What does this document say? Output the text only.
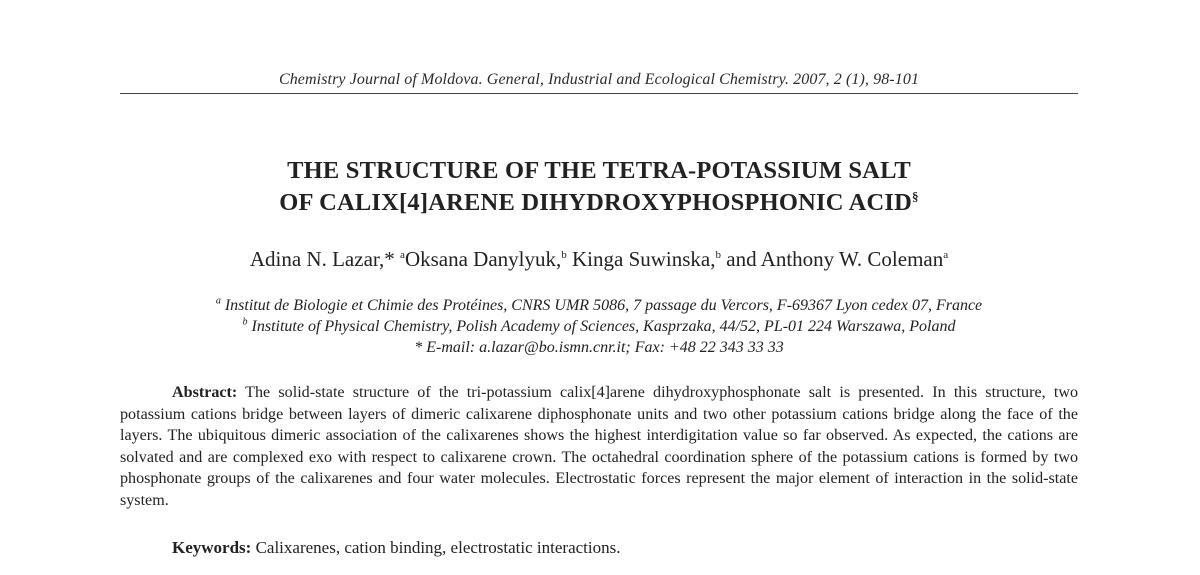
Chemistry Journal of Moldova. General, Industrial and Ecological Chemistry. 2007, 2 (1), 98-101
THE STRUCTURE OF THE TETRA-POTASSIUM SALT
OF CALIX[4]ARENE DIHYDROXYPHOSPHONIC ACID§
Adina N. Lazar,* $^a$Oksana Danylyuk,$^b$ Kinga Suwinska,$^b$ and Anthony W. Coleman$^a$
$^a$ Institut de Biologie et Chimie des Protéines, CNRS UMR 5086, 7 passage du Vercors, F-69367 Lyon cedex 07, France
$^b$ Institute of Physical Chemistry, Polish Academy of Sciences, Kasprzaka, 44/52, PL-01 224 Warszawa, Poland
* E-mail: a.lazar@bo.ismn.cnr.it; Fax: +48 22 343 33 33
Abstract: The solid-state structure of the tri-potassium calix[4]arene dihydroxyphosphonate salt is presented. In this structure, two potassium cations bridge between layers of dimeric calixarene diphosphonate units and two other potassium cations bridge along the face of the layers. The ubiquitous dimeric association of the calixarenes shows the highest interdigitation value so far observed. As expected, the cations are solvated and are complexed exo with respect to calixarene crown. The octahedral coordination sphere of the potassium cations is formed by two phosphonate groups of the calixarenes and four water molecules. Electrostatic forces represent the major element of interaction in the solid-state system.
Keywords: Calixarenes, cation binding, electrostatic interactions.
